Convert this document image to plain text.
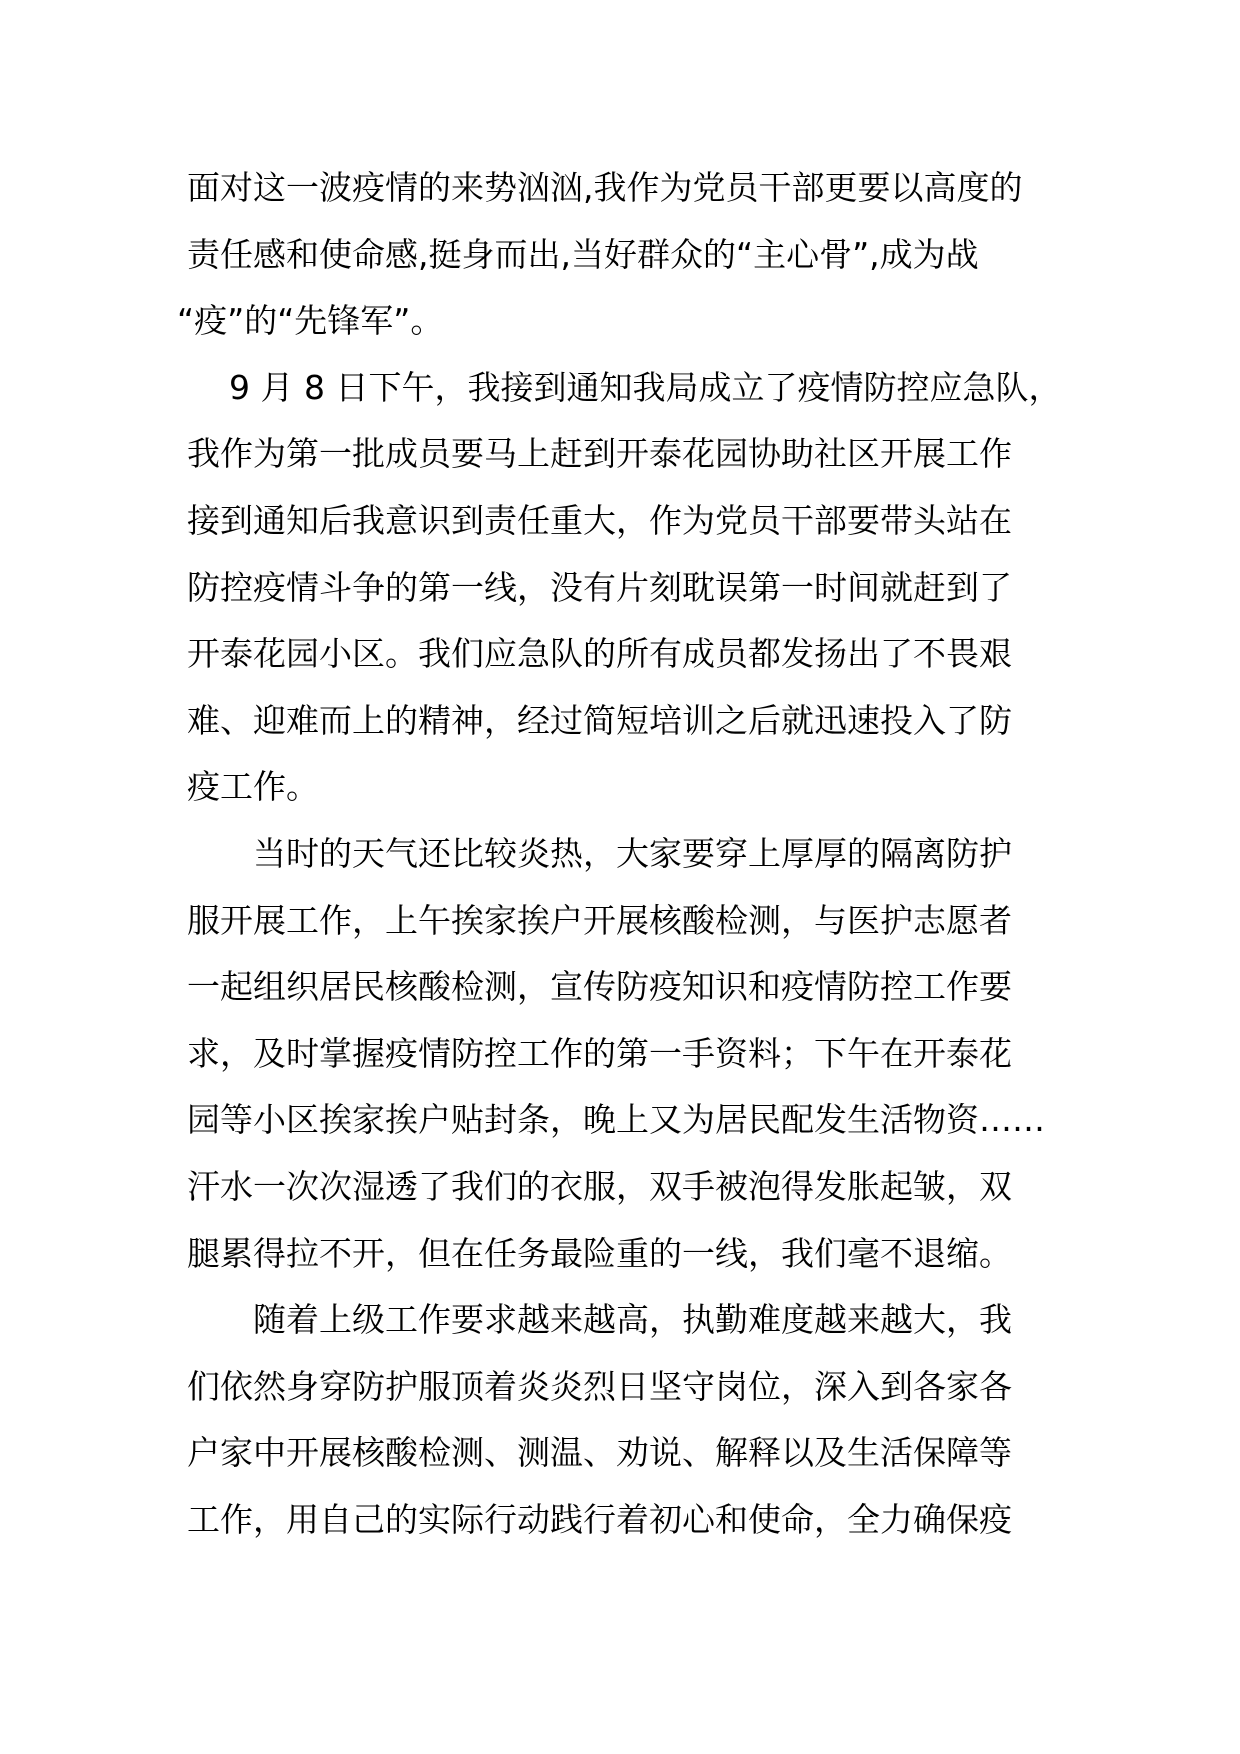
面对这一波疫情的来势汹汹,我作为党员干部更要以高度的
责任感和使命感,挺身而出,当好群众的“主心骨”,成为战
“疫”的“先锋军”。
9 月 8 日下午，我接到通知我局成立了疫情防控应急队，
我作为第一批成员要马上赶到开泰花园协助社区开展工作
接到通知后我意识到责任重大，作为党员干部要带头站在
防控疫情斗争的第一线，没有片刻耽误第一时间就赶到了
开泰花园小区。我们应急队的所有成员都发扬出了不畏艰
难、迎难而上的精神，经过简短培训之后就迅速投入了防
疫工作。
当时的天气还比较炎热，大家要穿上厚厚的隔离防护
服开展工作，上午挨家挨户开展核酸检测，与医护志愿者
一起组织居民核酸检测，宣传防疫知识和疫情防控工作要
求，及时掌握疫情防控工作的第一手资料；下午在开泰花
园等小区挨家挨户贴封条，晚上又为居民配发生活物资……
汗水一次次湿透了我们的衣服，双手被泡得发胀起皱，双
腿累得拉不开，但在任务最险重的一线，我们毫不退缩。
随着上级工作要求越来越高，执勤难度越来越大，我
们依然身穿防护服顶着炎炎烈日坚守岗位，深入到各家各
户家中开展核酸检测、测温、劝说、解释以及生活保障等
工作，用自己的实际行动践行着初心和使命，全力确保疫
